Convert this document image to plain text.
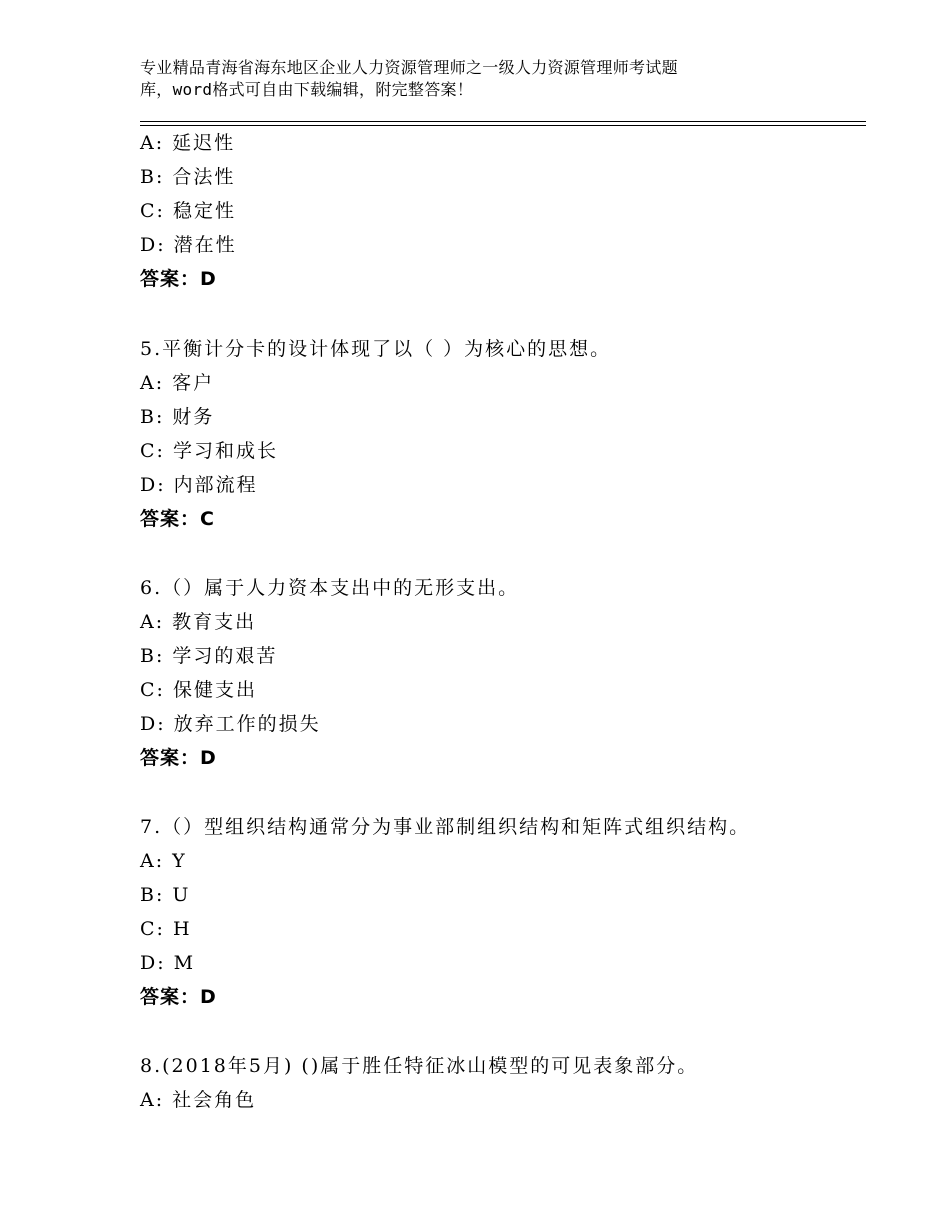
专业精品青海省海东地区企业人力资源管理师之一级人力资源管理师考试题
库，word格式可自由下载编辑，附完整答案！
A: 延迟性
B: 合法性
C: 稳定性
D: 潜在性
答案：D
5.平衡计分卡的设计体现了以（ ）为核心的思想。
A: 客户
B: 财务
C: 学习和成长
D: 内部流程
答案：C
6.（）属于人力资本支出中的无形支出。
A: 教育支出
B: 学习的艰苦
C: 保健支出
D: 放弃工作的损失
答案：D
7.（）型组织结构通常分为事业部制组织结构和矩阵式组织结构。
A: Y
B: U
C: H
D: M
答案：D
8.(2018年5月) ()属于胜任特征冰山模型的可见表象部分。
A: 社会角色
